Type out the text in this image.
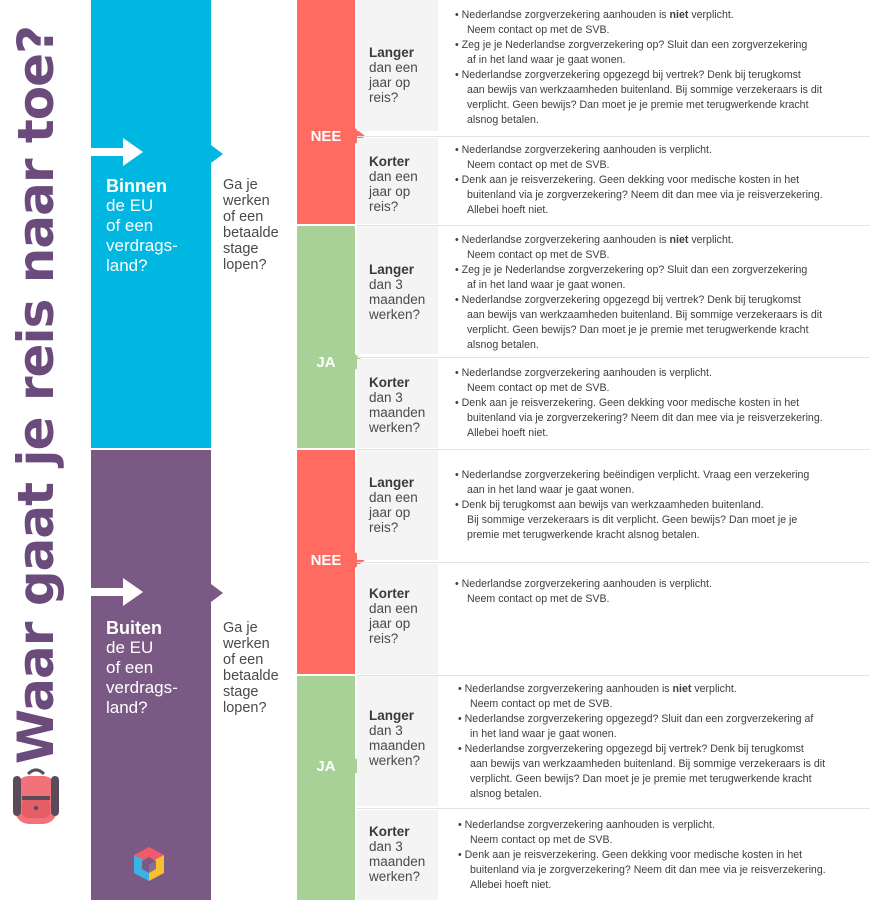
Waar gaat je reis naar toe? Binnen
de EU
of een
verdrags-
land?
Ga je
werken
of een
betaalde
stage
lopen?
NEE
Langer
dan een
jaar op
reis?
• Nederlandse zorgverzekering aanhouden is niet verplicht.
Neem contact op met de SVB.
• Zeg je je Nederlandse zorgverzekering op? Sluit dan een zorgverzekering
af in het land waar je gaat wonen.
• Nederlandse zorgverzekering opgezegd bij vertrek? Denk bij terugkomst
aan bewijs van werkzaamheden buitenland. Bij sommige verzekeraars is dit
verplicht. Geen bewijs? Dan moet je je premie met terugwerkende kracht
alsnog betalen.
Korter
dan een
jaar op
reis?
• Nederlandse zorgverzekering aanhouden is verplicht.
Neem contact op met de SVB.
• Denk aan je reisverzekering. Geen dekking voor medische kosten in het
buitenland via je zorgverzekering? Neem dit dan mee via je reisverzekering.
Allebei hoeft niet.
JA
Langer
dan 3
maanden
werken?
• Nederlandse zorgverzekering aanhouden is niet verplicht.
Neem contact op met de SVB.
• Zeg je je Nederlandse zorgverzekering op? Sluit dan een zorgverzekering
af in het land waar je gaat wonen.
• Nederlandse zorgverzekering opgezegd bij vertrek? Denk bij terugkomst
aan bewijs van werkzaamheden buitenland. Bij sommige verzekeraars is dit
verplicht. Geen bewijs? Dan moet je je premie met terugwerkende kracht
alsnog betalen.
Korter
dan 3
maanden
werken?
• Nederlandse zorgverzekering aanhouden is verplicht.
Neem contact op met de SVB.
• Denk aan je reisverzekering. Geen dekking voor medische kosten in het
buitenland via je zorgverzekering? Neem dit dan mee via je reisverzekering.
Allebei hoeft niet.
Buiten
de EU
of een
verdrags-
land?
Ga je
werken
of een
betaalde
stage
lopen?
NEE
Langer
dan een
jaar op
reis?
• Nederlandse zorgverzekering beëindigen verplicht. Vraag een verzekering
aan in het land waar je gaat wonen.
• Denk bij terugkomst aan bewijs van werkzaamheden buitenland.
Bij sommige verzekeraars is dit verplicht. Geen bewijs? Dan moet je je
premie met terugwerkende kracht alsnog betalen.
Korter
dan een
jaar op
reis?
• Nederlandse zorgverzekering aanhouden is verplicht.
Neem contact op met de SVB.
JA
Langer
dan 3
maanden
werken?
• Nederlandse zorgverzekering aanhouden is niet verplicht.
Neem contact op met de SVB.
• Nederlandse zorgverzekering opgezegd? Sluit dan een zorgverzekering af
in het land waar je gaat wonen.
• Nederlandse zorgverzekering opgezegd bij vertrek? Denk bij terugkomst
aan bewijs van werkzaamheden buitenland. Bij sommige verzekeraars is dit
verplicht. Geen bewijs? Dan moet je je premie met terugwerkende kracht
alsnog betalen.
Korter
dan 3
maanden
werken?
• Nederlandse zorgverzekering aanhouden is verplicht.
Neem contact op met de SVB.
• Denk aan je reisverzekering. Geen dekking voor medische kosten in het
buitenland via je zorgverzekering? Neem dit dan mee via je reisverzekering.
Allebei hoeft niet.
